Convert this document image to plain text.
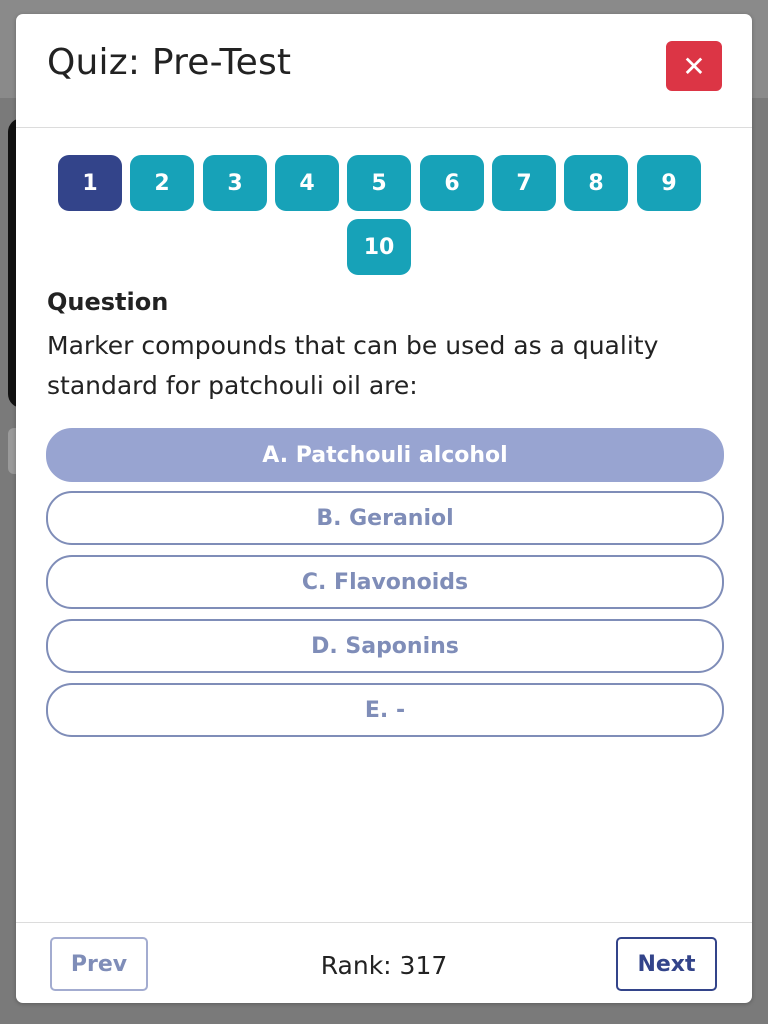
Quiz: Pre-Test	✕
1	2	3	4	5	6	7	8	9
10
Question
Marker compounds that can be used as a quality standard for patchouli oil are:
A. Patchouli alcohol
B. Geraniol
C. Flavonoids
D. Saponins
E. -
Prev	Rank: 317	Next
